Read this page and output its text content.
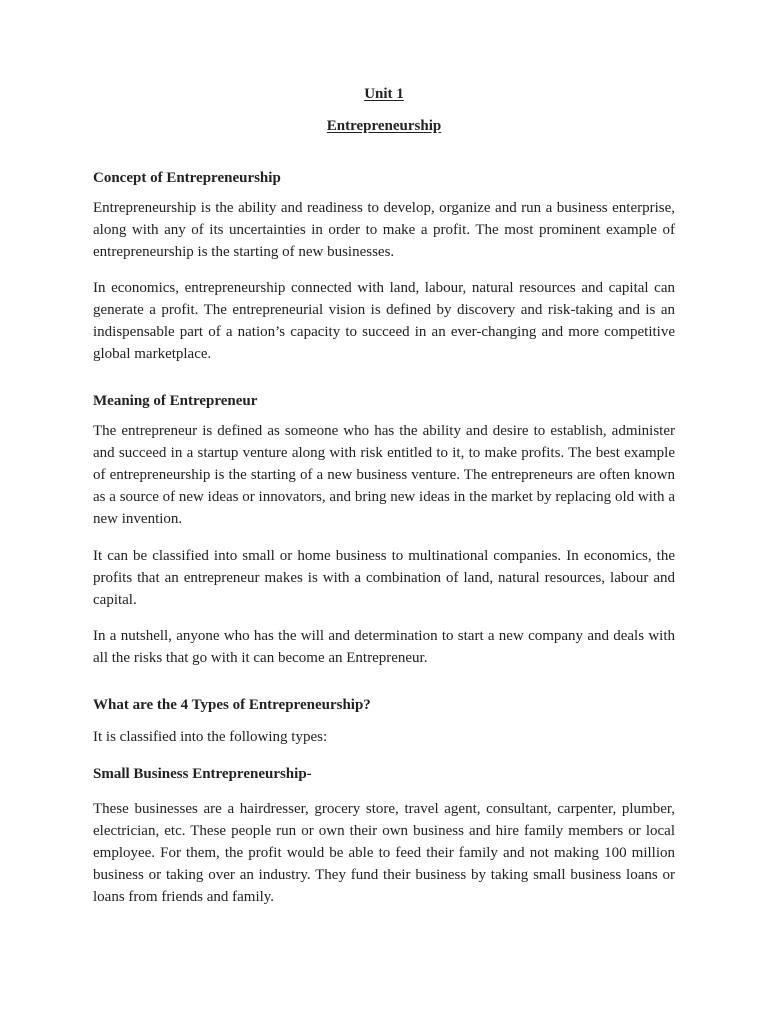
Unit 1
Entrepreneurship
Concept of Entrepreneurship

Entrepreneurship is the ability and readiness to develop, organize and run a business enterprise, along with any of its uncertainties in order to make a profit. The most prominent example of entrepreneurship is the starting of new businesses.

In economics, entrepreneurship connected with land, labour, natural resources and capital can generate a profit. The entrepreneurial vision is defined by discovery and risk-taking and is an indispensable part of a nation’s capacity to succeed in an ever-changing and more competitive global marketplace.

Meaning of Entrepreneur

The entrepreneur is defined as someone who has the ability and desire to establish, administer and succeed in a startup venture along with risk entitled to it, to make profits. The best example of entrepreneurship is the starting of a new business venture. The entrepreneurs are often known as a source of new ideas or innovators, and bring new ideas in the market by replacing old with a new invention.

It can be classified into small or home business to multinational companies. In economics, the profits that an entrepreneur makes is with a combination of land, natural resources, labour and capital.

In a nutshell, anyone who has the will and determination to start a new company and deals with all the risks that go with it can become an Entrepreneur.

What are the 4 Types of Entrepreneurship?

It is classified into the following types:

Small Business Entrepreneurship-

These businesses are a hairdresser, grocery store, travel agent, consultant, carpenter, plumber, electrician, etc. These people run or own their own business and hire family members or local employee. For them, the profit would be able to feed their family and not making 100 million business or taking over an industry. They fund their business by taking small business loans or loans from friends and family.
